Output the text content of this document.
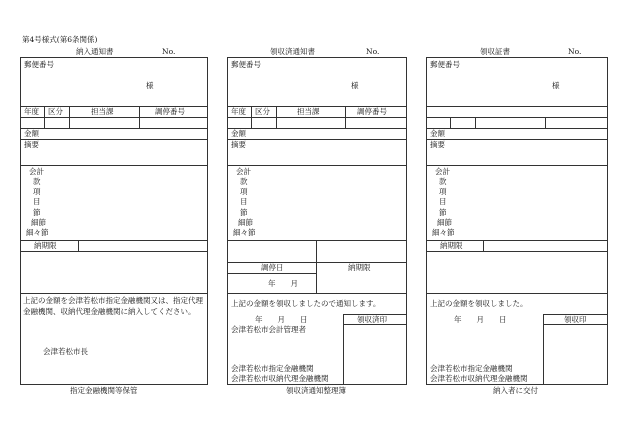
第4号様式(第6条関係)
納入通知書	No.
郵便番号
様
年度 区分	担当課	調停番号
金額
摘要
会計
款
項
目
節
細節
細々節
納期限
上記の金額を会津若松市指定金融機関又は、指定代理金融機関、収納代理金融機関に納入してください。
会津若松市長
指定金融機関等保管
領収済通知書	No.
郵便番号
様
年度 区分	担当課	調停番号
金額
摘要
会計
款
項
目
節
細節
細々節
調停日	納期限
年　　月
上記の金額を領収しましたので通知します。
領収済印
年　　月　　日
会津若松市会計管理者
会津若松市指定金融機関
会津若松市収納代理金融機関
領収済通知整理簿
領収証書	No.
郵便番号
様
金額
摘要
会計
款
項
目
節
細節
細々節
納期限
上記の金額を領収しました。
領収印
年　　月　　日
会津若松市指定金融機関
会津若松市収納代理金融機関
納入者に交付
